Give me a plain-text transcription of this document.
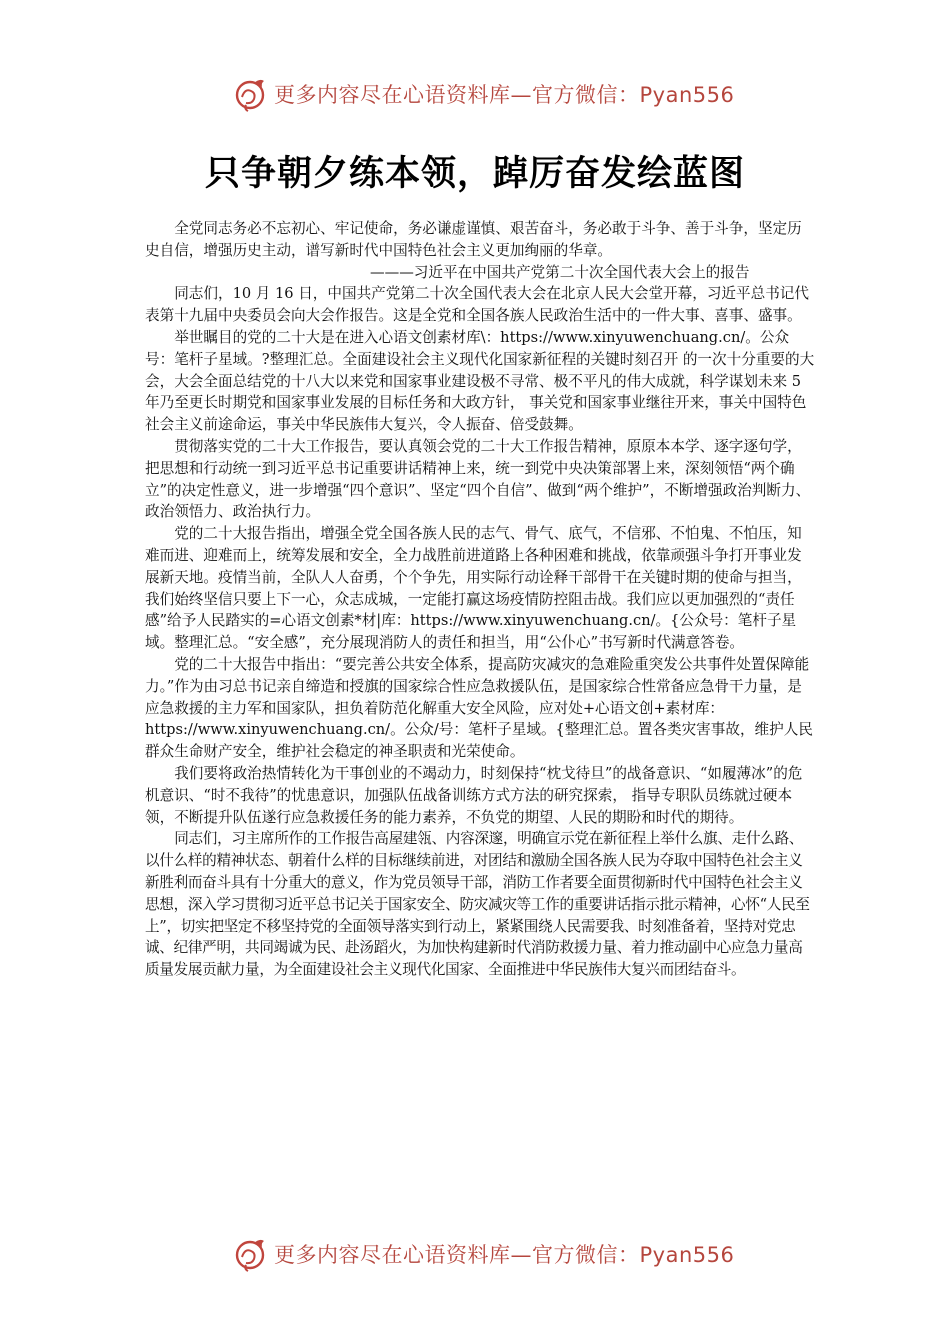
更多内容尽在心语资料库—官方微信：Pyan556
只争朝夕练本领，踔厉奋发绘蓝图

全党同志务必不忘初心、牢记使命，务必谦虚谨慎、艰苦奋斗，务必敢于斗争、善于斗争，坚定历史自信，增强历史主动，谱写新时代中国特色社会主义更加绚丽的华章。

———习近平在中国共产党第二十次全国代表大会上的报告

同志们，10 月 16 日，中国共产党第二十次全国代表大会在北京人民大会堂开幕，习近平总书记代表第十九届中央委员会向大会作报告。这是全党和全国各族人民政治生活中的一件大事、喜事、盛事。

举世瞩目的党的二十大是在进入心语文创素材库\：https://www.xinyuwenchuang.cn/。公众号：笔杆子星域。?整理汇总。全面建设社会主义现代化国家新征程的关键时刻召开 的一次十分重要的大会，大会全面总结党的十八大以来党和国家事业建设极不寻常、极不平凡的伟大成就，科学谋划未来 5 年乃至更长时期党和国家事业发展的目标任务和大政方针， 事关党和国家事业继往开来，事关中国特色社会主义前途命运，事关中华民族伟大复兴，令人振奋、倍受鼓舞。

贯彻落实党的二十大工作报告，要认真领会党的二十大工作报告精神，原原本本学、逐字逐句学，把思想和行动统一到习近平总书记重要讲话精神上来，统一到党中央决策部署上来，深刻领悟“两个确立”的决定性意义，进一步增强“四个意识”、坚定“四个自信”、做到“两个维护”，不断增强政治判断力、政治领悟力、政治执行力。

党的二十大报告指出，增强全党全国各族人民的志气、骨气、底气，不信邪、不怕鬼、不怕压，知难而进、迎难而上，统筹发展和安全，全力战胜前进道路上各种困难和挑战，依靠顽强斗争打开事业发展新天地。疫情当前，全队人人奋勇，个个争先，用实际行动诠释干部骨干在关键时期的使命与担当，我们始终坚信只要上下一心，众志成城，一定能打赢这场疫情防控阻击战。我们应以更加强烈的“责任感”给予人民踏实的=心语文创素*材|库：https://www.xinyuwenchuang.cn/。{公众号：笔杆子星域。整理汇总。“安全感”，充分展现消防人的责任和担当，用“公仆心”书写新时代满意答卷。

党的二十大报告中指出：“要完善公共安全体系，提高防灾减灾的急难险重突发公共事件处置保障能力。”作为由习总书记亲自缔造和授旗的国家综合性应急救援队伍，是国家综合性常备应急骨干力量，是应急救援的主力军和国家队，担负着防范化解重大安全风险，应对处+心语文创+素材库：https://www.xinyuwenchuang.cn/。公众/号：笔杆子星域。{整理汇总。置各类灾害事故，维护人民群众生命财产安全，维护社会稳定的神圣职责和光荣使命。

我们要将政治热情转化为干事创业的不竭动力，时刻保持“枕戈待旦”的战备意识、“如履薄冰”的危机意识、“时不我待”的忧患意识，加强队伍战备训练方式方法的研究探索， 指导专职队员练就过硬本领，不断提升队伍遂行应急救援任务的能力素养，不负党的期望、人民的期盼和时代的期待。

同志们，习主席所作的工作报告高屋建瓴、内容深邃，明确宣示党在新征程上举什么旗、走什么路、以什么样的精神状态、朝着什么样的目标继续前进，对团结和激励全国各族人民为夺取中国特色社会主义新胜利而奋斗具有十分重大的意义，作为党员领导干部，消防工作者要全面贯彻新时代中国特色社会主义思想，深入学习贯彻习近平总书记关于国家安全、防灾减灾等工作的重要讲话指示批示精神，心怀“人民至上”，切实把坚定不移坚持党的全面领导落实到行动上，紧紧围绕人民需要我、时刻准备着，坚持对党忠诚、纪律严明，共同竭诚为民、赴汤蹈火，为加快构建新时代消防救援力量、着力推动副中心应急力量高质量发展贡献力量，为全面建设社会主义现代化国家、全面推进中华民族伟大复兴而团结奋斗。

更多内容尽在心语资料库—官方微信：Pyan556
